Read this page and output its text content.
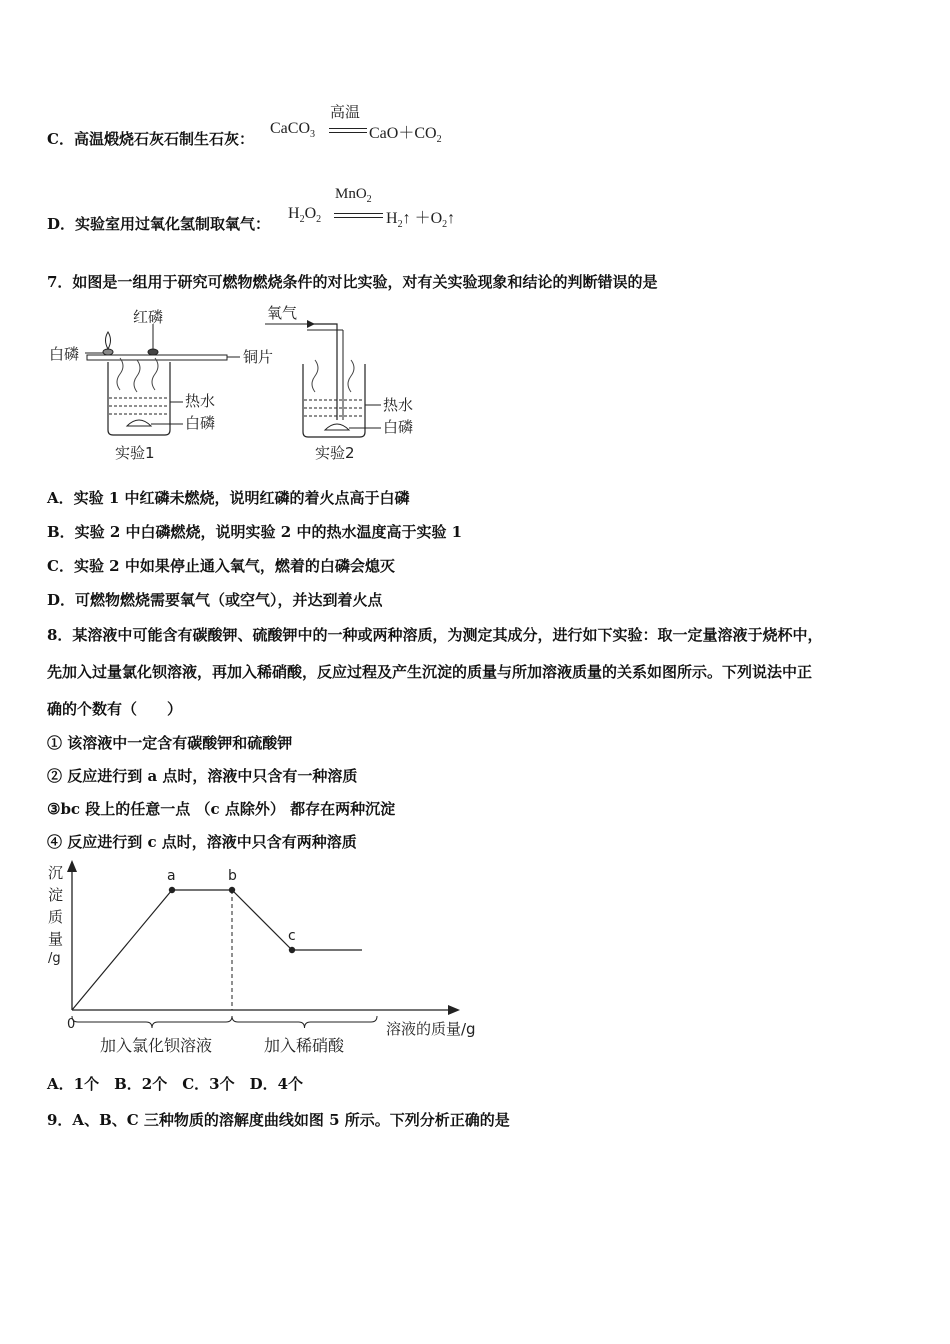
C．高温煅烧石灰石制生石灰：
高温
CaCO$_3$	$CaO+CO_2$
D．实验室用过氧化氢制取氧气：
MnO$_2$
$H_2O_2$	$H_2↑$ $+O_2↑$
7．如图是一组用于研究可燃物燃烧条件的对比实验，对有关实验现象和结论的判断错误的是
红磷
白磷	铜片
热水
白磷
实验1
氧气
热水
白磷
实验2
A．实验 1 中红磷未燃烧，说明红磷的着火点高于白磷
B．实验 2 中白磷燃烧，说明实验 2 中的热水温度高于实验 1
C．实验 2 中如果停止通入氧气，燃着的白磷会熄灭
D．可燃物燃烧需要氧气（或空气），并达到着火点
8．某溶液中可能含有碳酸钾、硫酸钾中的一种或两种溶质，为测定其成分，进行如下实验：取一定量溶液于烧杯中，
先加入过量氯化钡溶液，再加入稀硝酸，反应过程及产生沉淀的质量与所加溶液质量的关系如图所示。下列说法中正
确的个数有（　　）
① 该溶液中一定含有碳酸钾和硫酸钾
② 反应进行到 a 点时，溶液中只含有一种溶质
③bc 段上的任意一点 （c 点除外） 都存在两种沉淀
④ 反应进行到 c 点时，溶液中只含有两种溶质
沉
淀
质
量
/g
0	溶液的质量/g
a	b
c
加入氯化钡溶液	加入稀硝酸
A．1个　B．2个　C．3个　D．4个
9．A、B、C 三种物质的溶解度曲线如图 5 所示。下列分析正确的是
